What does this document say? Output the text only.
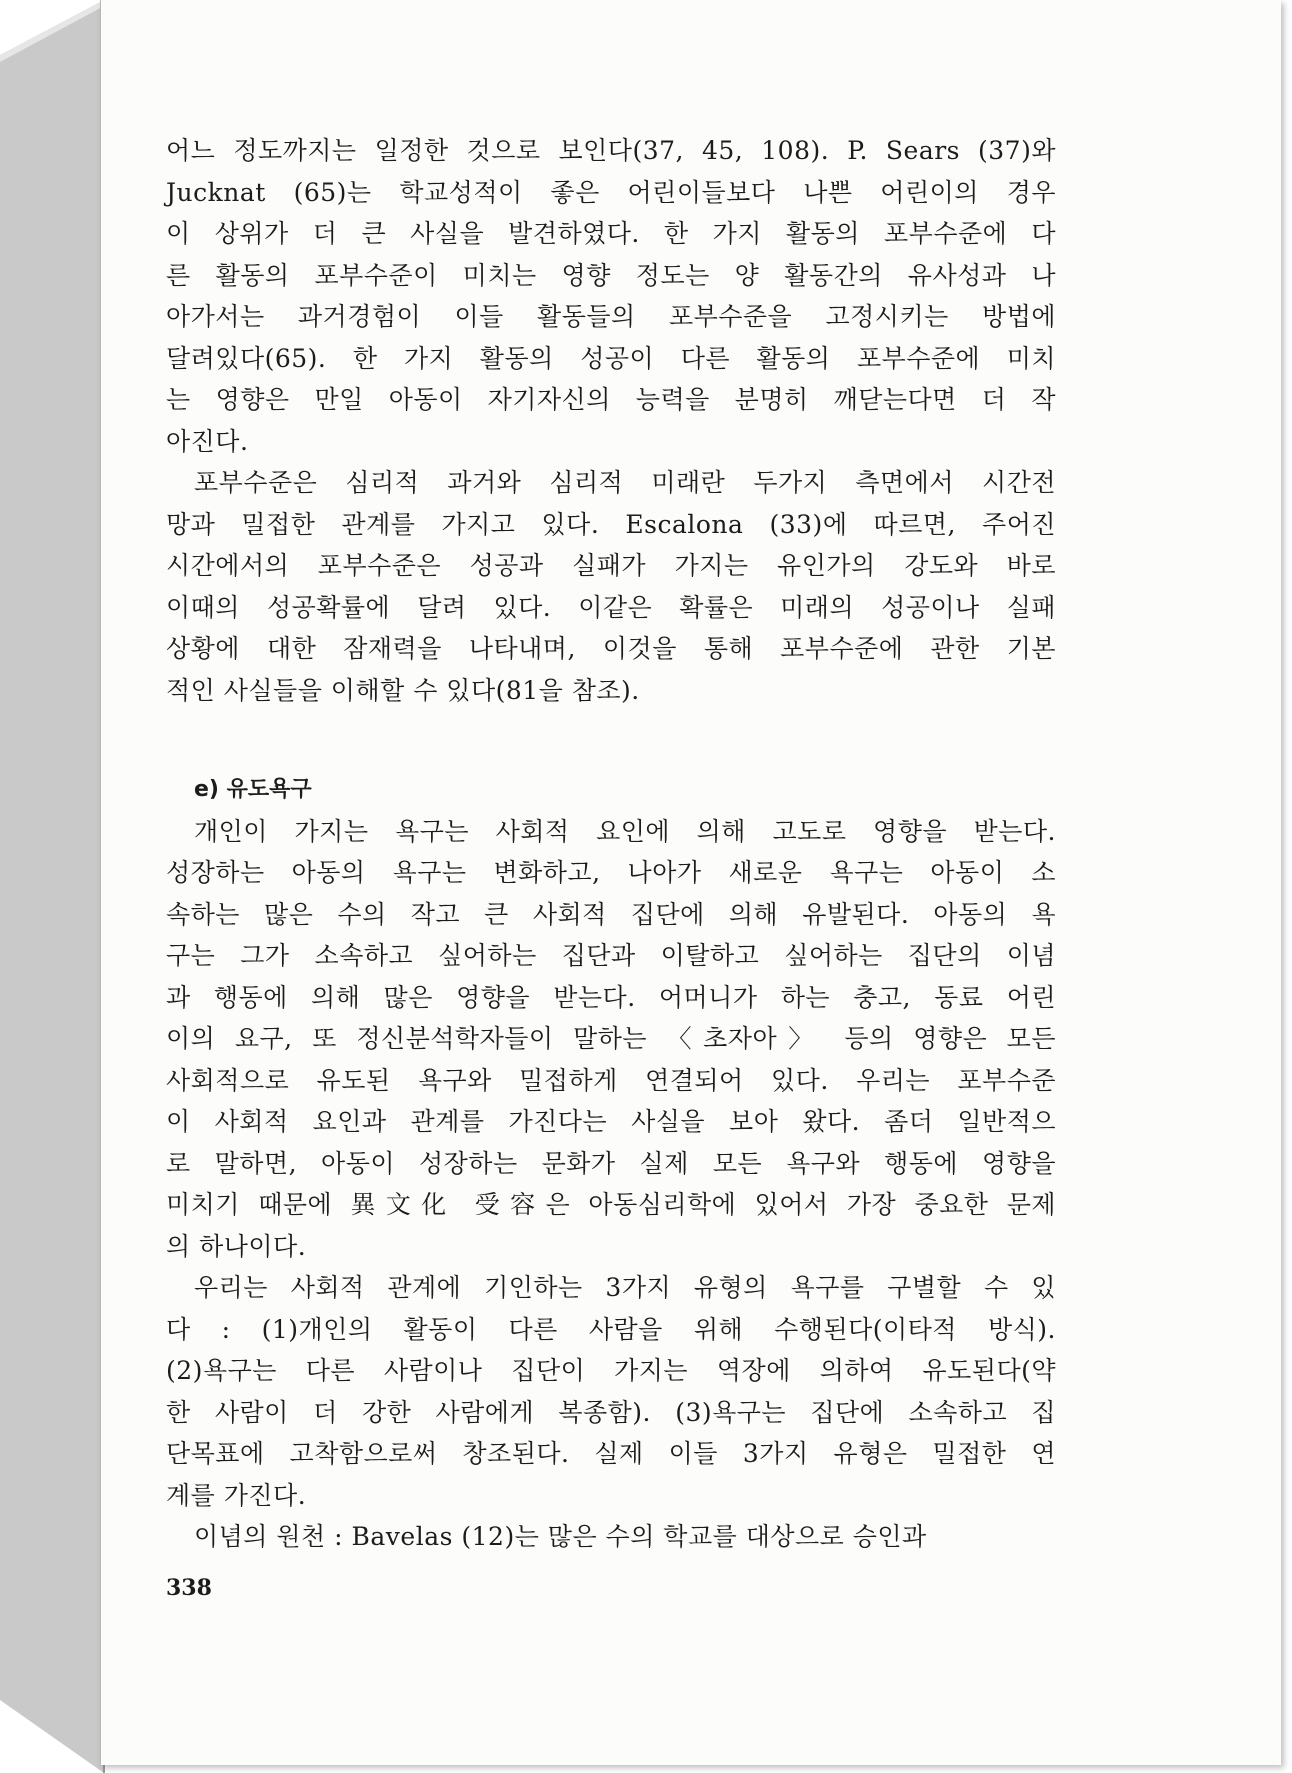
어느 정도까지는 일정한 것으로 보인다(37, 45, 108). P. Sears (37)와
Jucknat (65)는 학교성적이 좋은 어린이들보다 나쁜 어린이의 경우
이 상위가 더 큰 사실을 발견하였다. 한 가지 활동의 포부수준에 다
른 활동의 포부수준이 미치는 영향 정도는 양 활동간의 유사성과 나
아가서는 과거경험이 이들 활동들의 포부수준을 고정시키는 방법에
달려있다(65). 한 가지 활동의 성공이 다른 활동의 포부수준에 미치
는 영향은 만일 아동이 자기자신의 능력을 분명히 깨닫는다면 더 작
아진다.
포부수준은 심리적 과거와 심리적 미래란 두가지 측면에서 시간전
망과 밀접한 관계를 가지고 있다. Escalona (33)에 따르면, 주어진
시간에서의 포부수준은 성공과 실패가 가지는 유인가의 강도와 바로
이때의 성공확률에 달려 있다. 이같은 확률은 미래의 성공이나 실패
상황에 대한 잠재력을 나타내며, 이것을 통해 포부수준에 관한 기본
적인 사실들을 이해할 수 있다(81을 참조).
e) 유도욕구
개인이 가지는 욕구는 사회적 요인에 의해 고도로 영향을 받는다.
성장하는 아동의 욕구는 변화하고, 나아가 새로운 욕구는 아동이 소
속하는 많은 수의 작고 큰 사회적 집단에 의해 유발된다. 아동의 욕
구는 그가 소속하고 싶어하는 집단과 이탈하고 싶어하는 집단의 이념
과 행동에 의해 많은 영향을 받는다. 어머니가 하는 충고, 동료 어린
이의 요구, 또 정신분석학자들이 말하는 〈초자아〉 등의 영향은 모든
사회적으로 유도된 욕구와 밀접하게 연결되어 있다. 우리는 포부수준
이 사회적 요인과 관계를 가진다는 사실을 보아 왔다. 좀더 일반적으
로 말하면, 아동이 성장하는 문화가 실제 모든 욕구와 행동에 영향을
미치기 때문에 異文化 受容은 아동심리학에 있어서 가장 중요한 문제
의 하나이다.
우리는 사회적 관계에 기인하는 3가지 유형의 욕구를 구별할 수 있
다 : (1)개인의 활동이 다른 사람을 위해 수행된다(이타적 방식).
(2)욕구는 다른 사람이나 집단이 가지는 역장에 의하여 유도된다(약
한 사람이 더 강한 사람에게 복종함). (3)욕구는 집단에 소속하고 집
단목표에 고착함으로써 창조된다. 실제 이들 3가지 유형은 밀접한 연
계를 가진다.
이념의 원천 : Bavelas (12)는 많은 수의 학교를 대상으로 승인과
338
